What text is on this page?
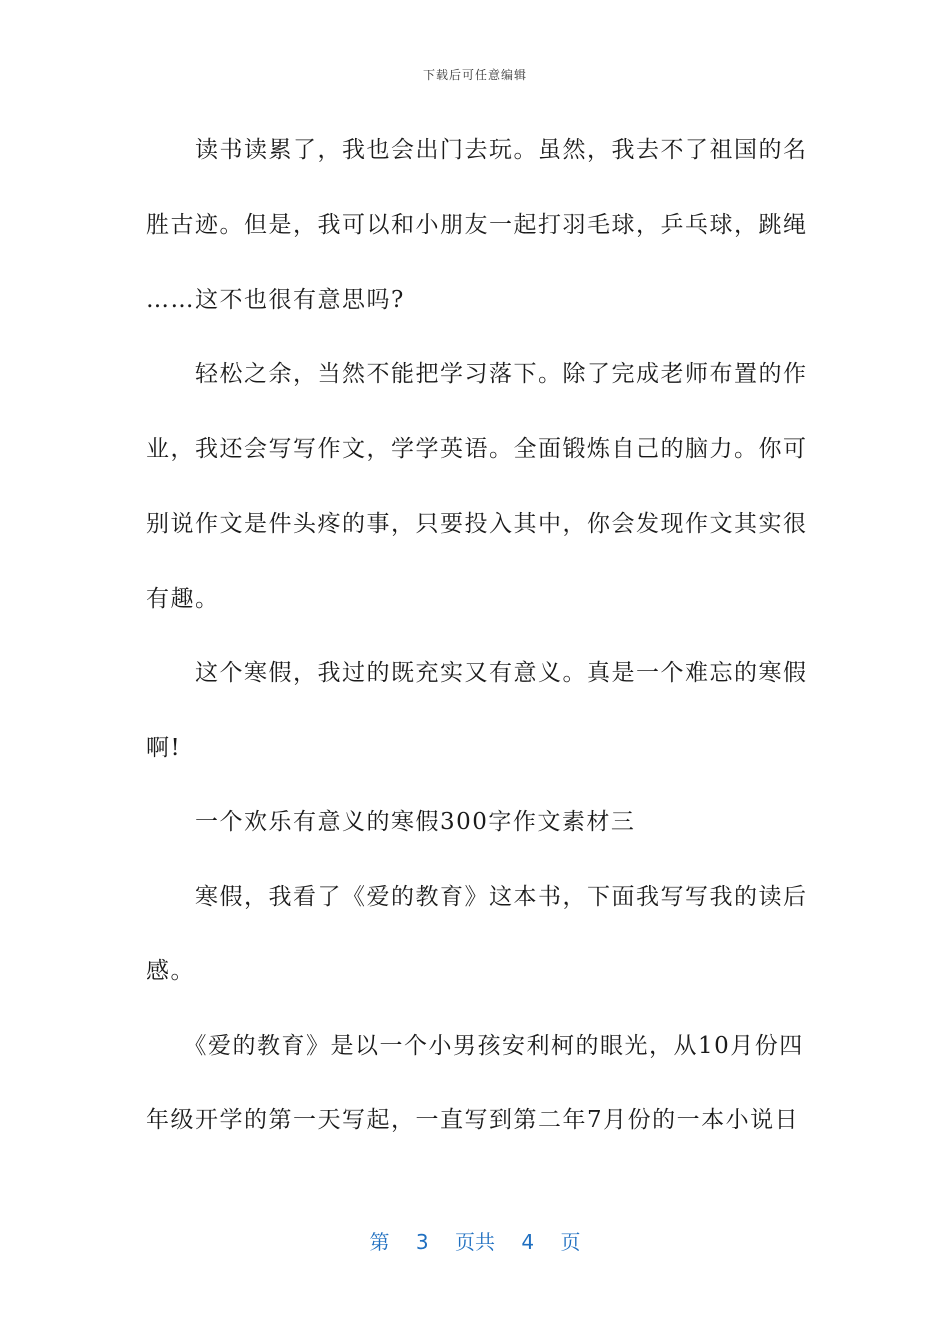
下载后可任意编辑
　　读书读累了，我也会出门去玩。虽然，我去不了祖国的名
胜古迹。但是，我可以和小朋友一起打羽毛球，乒乓球，跳绳
……这不也很有意思吗?
　　轻松之余，当然不能把学习落下。除了完成老师布置的作
业，我还会写写作文，学学英语。全面锻炼自己的脑力。你可
别说作文是件头疼的事，只要投入其中，你会发现作文其实很
有趣。
　　这个寒假，我过的既充实又有意义。真是一个难忘的寒假
啊!
　　一个欢乐有意义的寒假300字作文素材三
　　寒假，我看了《爱的教育》这本书，下面我写写我的读后
感。
　　《爱的教育》是以一个小男孩安利柯的眼光，从10月份四
年级开学的第一天写起，一直写到第二年7月份的一本小说日
第 3 页共 4 页
